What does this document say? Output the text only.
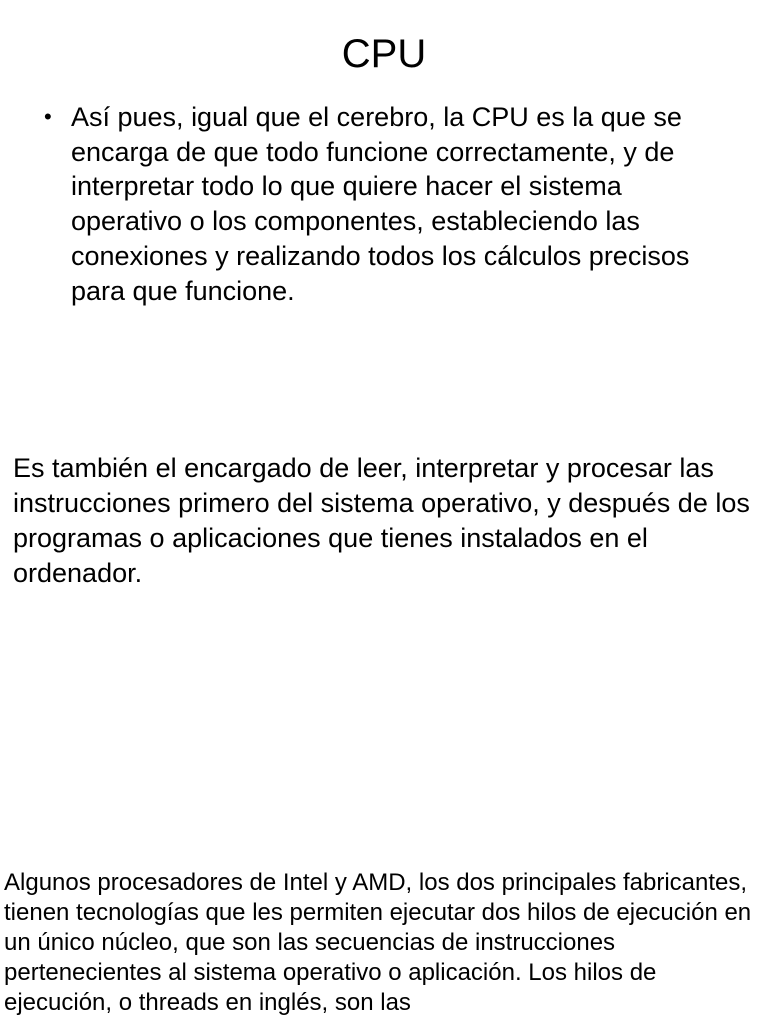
CPU
• Así pues, igual que el cerebro, la CPU es la que se encarga de que todo funcione correctamente, y de interpretar todo lo que quiere hacer el sistema operativo o los componentes, estableciendo las conexiones y realizando todos los cálculos precisos para que funcione.

Es también el encargado de leer, interpretar y procesar las instrucciones primero del sistema operativo, y después de los programas o aplicaciones que tienes instalados en el ordenador.

Algunos procesadores de Intel y AMD, los dos principales fabricantes, tienen tecnologías que les permiten ejecutar dos hilos de ejecución en un único núcleo, que son las secuencias de instrucciones pertenecientes al sistema operativo o aplicación. Los hilos de ejecución, o threads en inglés, son las
